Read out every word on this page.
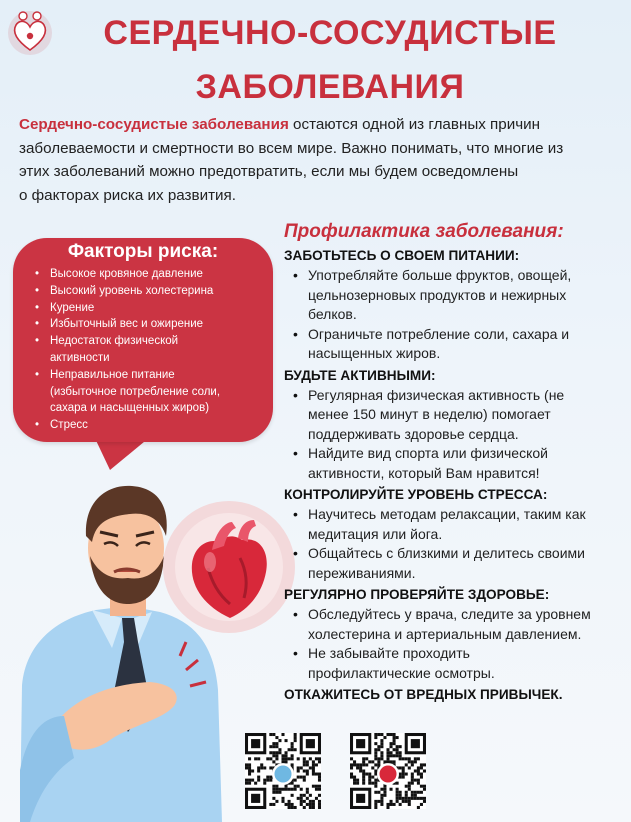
СЕРДЕЧНО-СОСУДИСТЫЕ
ЗАБОЛЕВАНИЯ
Сердечно-сосудистые заболевания остаются одной из главных причин
заболеваемости и смертности во всем мире. Важно понимать, что многие из
этих заболеваний можно предотвратить, если мы будем осведомлены
о факторах риска их развития.
Факторы риска:
• Высокое кровяное давление
• Высокий уровень холестерина
• Курение
• Избыточный вес и ожирение
• Недостаток физической
активности
• Неправильное питание
(избыточное потребление соли,
сахара и насыщенных жиров)
• Стресс
Профилактика заболевания:
ЗАБОТЬТЕСЬ О СВОЕМ ПИТАНИИ:
• Употребляйте больше фруктов, овощей,
цельнозерновых продуктов и нежирных
белков.
• Ограничьте потребление соли, сахара и
насыщенных жиров.
БУДЬТЕ АКТИВНЫМИ:
• Регулярная физическая активность (не
менее 150 минут в неделю) помогает
поддерживать здоровье сердца.
• Найдите вид спорта или физической
активности, который Вам нравится!
КОНТРОЛИРУЙТЕ УРОВЕНЬ СТРЕССА:
• Научитесь методам релаксации, таким как
медитация или йога.
• Общайтесь с близкими и делитесь своими
переживаниями.
РЕГУЛЯРНО ПРОВЕРЯЙТЕ ЗДОРОВЬЕ:
• Обследуйтесь у врача, следите за уровнем
холестерина и артериальным давлением.
• Не забывайте проходить
профилактические осмотры.
ОТКАЖИТЕСЬ ОТ ВРЕДНЫХ ПРИВЫЧЕК.
